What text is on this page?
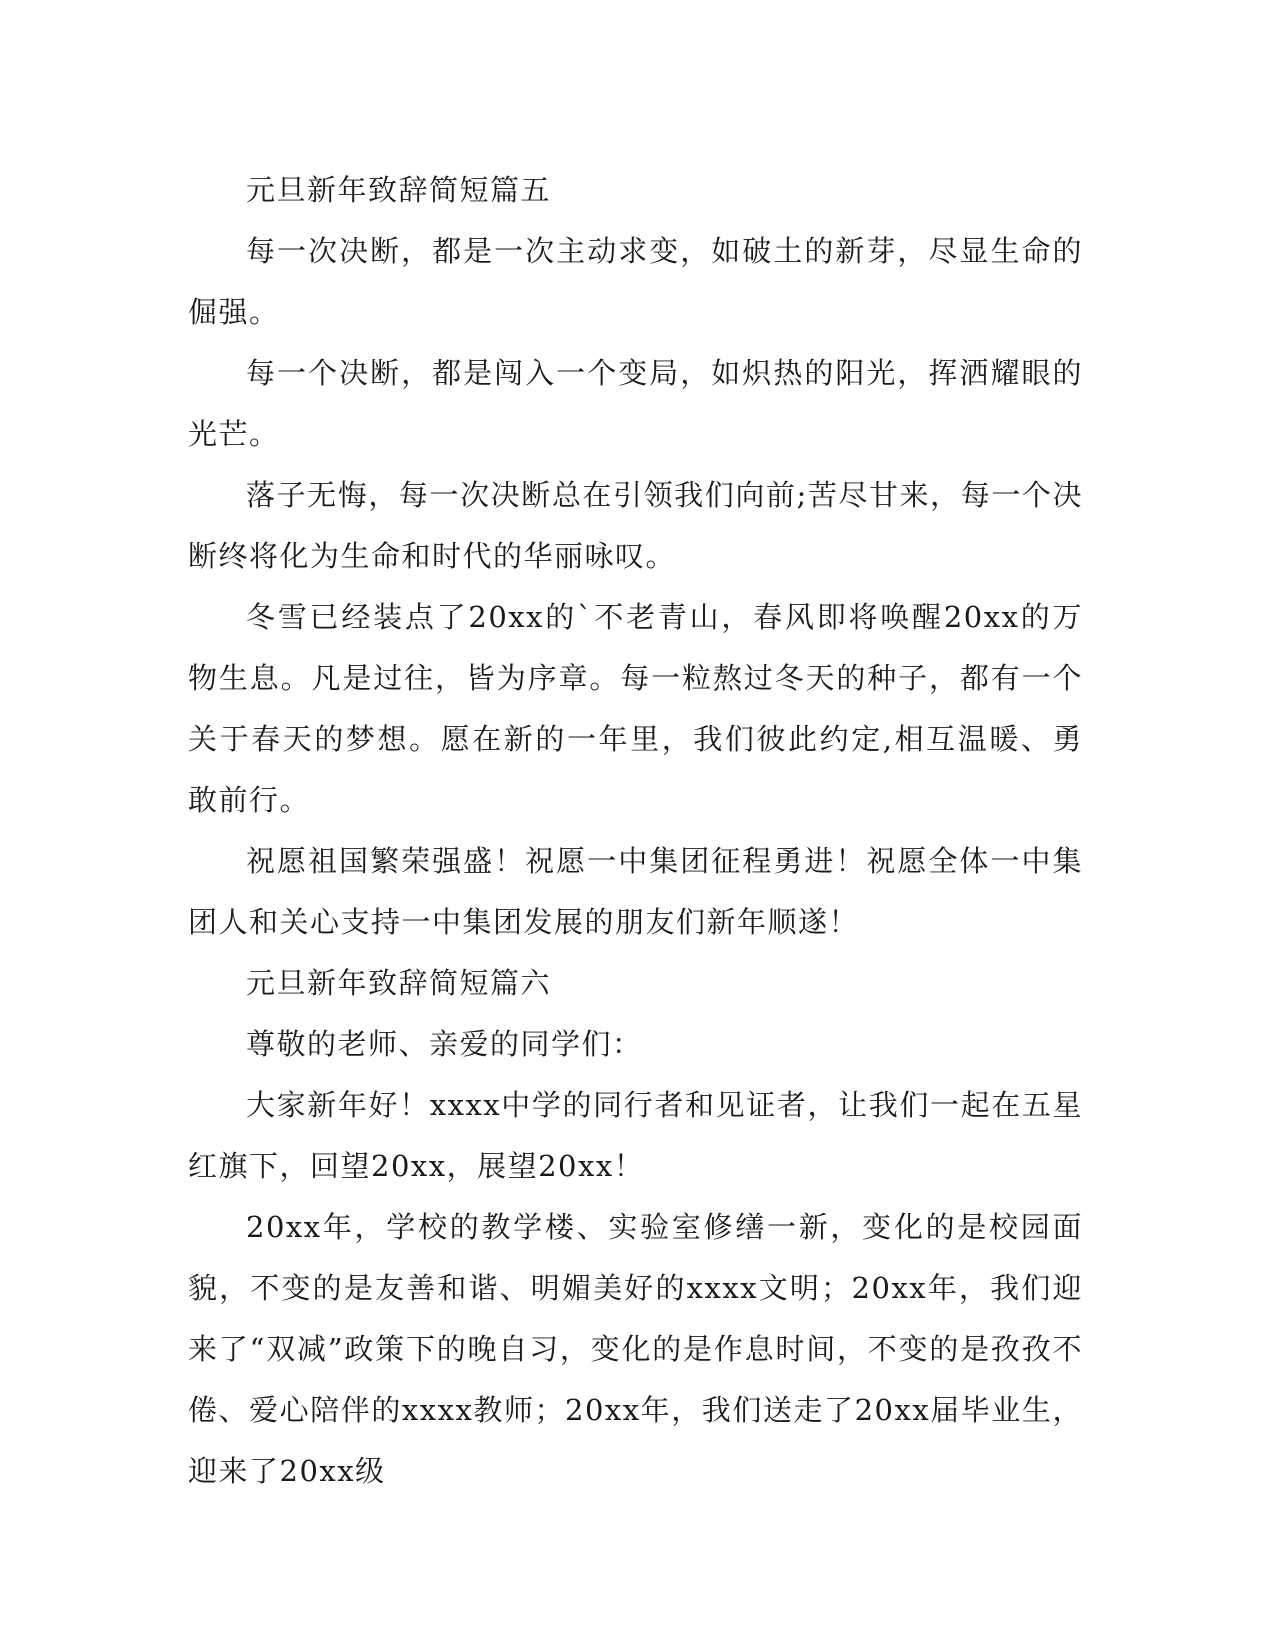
元旦新年致辞简短篇五

每一次决断，都是一次主动求变，如破土的新芽，尽显生命的倔强。

每一个决断，都是闯入一个变局，如炽热的阳光，挥洒耀眼的光芒。

落子无悔，每一次决断总在引领我们向前;苦尽甘来，每一个决断终将化为生命和时代的华丽咏叹。

冬雪已经装点了20xx的`不老青山，春风即将唤醒20xx的万物生息。凡是过往，皆为序章。每一粒熬过冬天的种子，都有一个关于春天的梦想。愿在新的一年里，我们彼此约定,相互温暖、勇敢前行。

祝愿祖国繁荣强盛！祝愿一中集团征程勇进！祝愿全体一中集团人和关心支持一中集团发展的朋友们新年顺遂！

元旦新年致辞简短篇六

尊敬的老师、亲爱的同学们：

大家新年好！xxxx中学的同行者和见证者，让我们一起在五星红旗下，回望20xx，展望20xx！

20xx年，学校的教学楼、实验室修缮一新，变化的是校园面貌，不变的是友善和谐、明媚美好的xxxx文明；20xx年，我们迎来了“双减”政策下的晚自习，变化的是作息时间，不变的是孜孜不倦、爱心陪伴的xxxx教师；20xx年，我们送走了20xx届毕业生，迎来了20xx级
